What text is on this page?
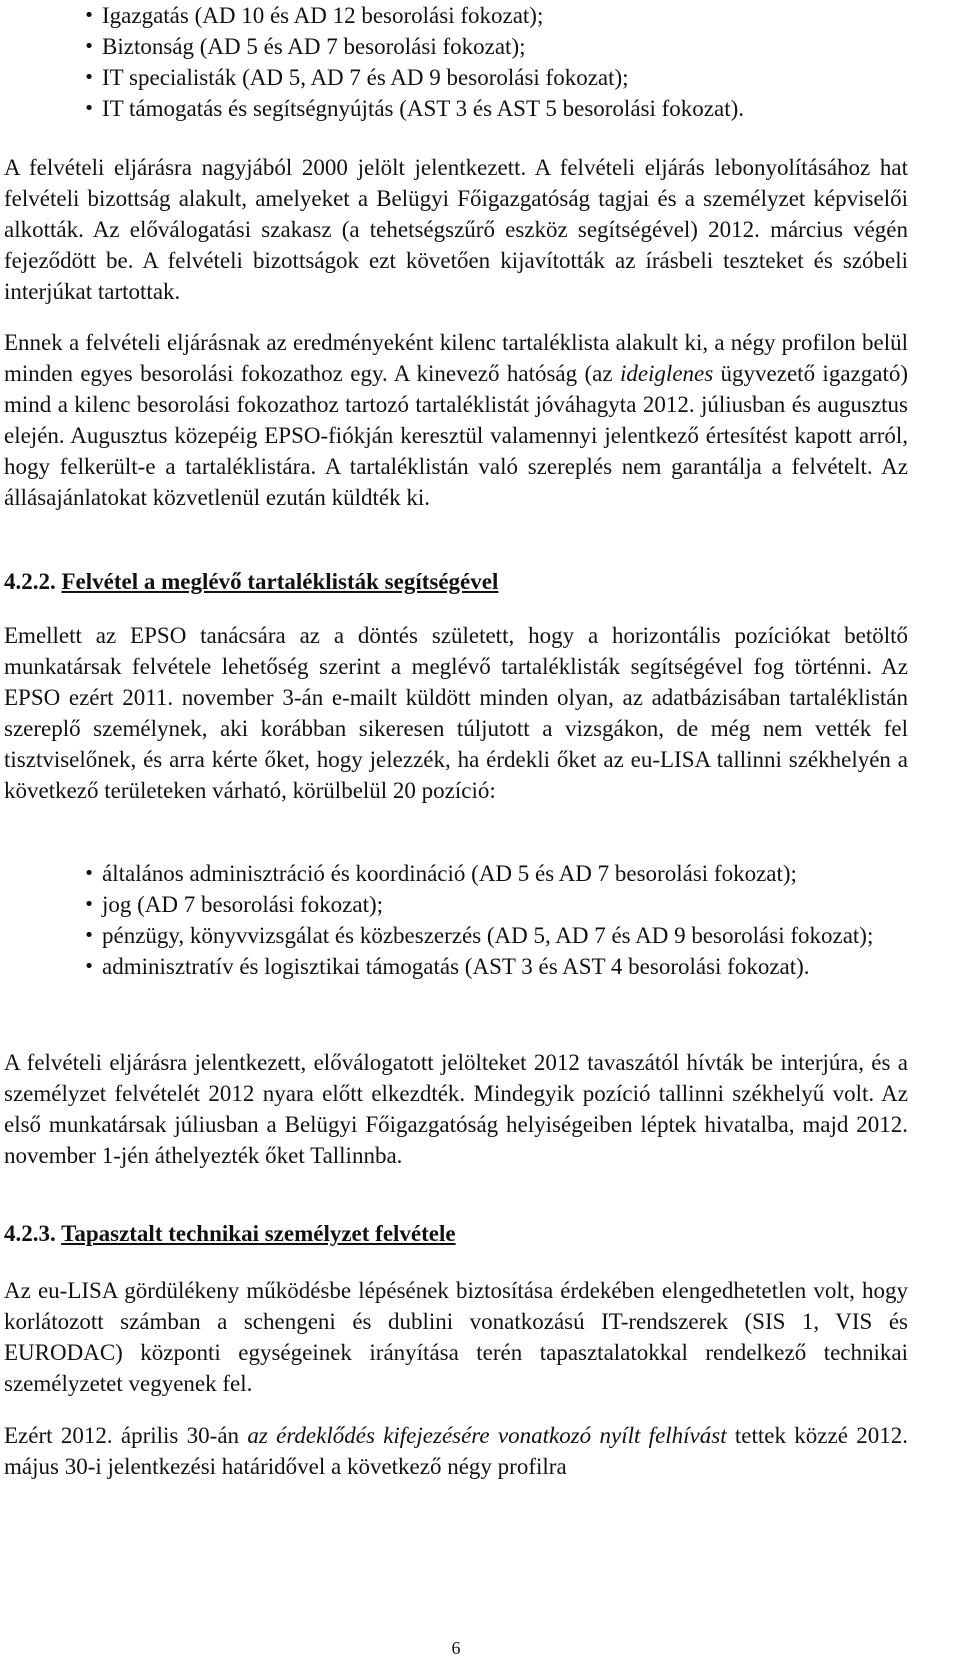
• Igazgatás (AD 10 és AD 12 besorolási fokozat);
• Biztonság (AD 5 és AD 7 besorolási fokozat);
• IT specialisták (AD 5, AD 7 és AD 9 besorolási fokozat);
• IT támogatás és segítségnyújtás (AST 3 és AST 5 besorolási fokozat).

A felvételi eljárásra nagyjából 2000 jelölt jelentkezett. A felvételi eljárás lebonyolításához hat felvételi bizottság alakult, amelyeket a Belügyi Főigazgatóság tagjai és a személyzet képviselői alkották. Az előválogatási szakasz (a tehetségszűrő eszköz segítségével) 2012. március végén fejeződött be. A felvételi bizottságok ezt követően kijavították az írásbeli teszteket és szóbeli interjúkat tartottak.

Ennek a felvételi eljárásnak az eredményeként kilenc tartaléklista alakult ki, a négy profilon belül minden egyes besorolási fokozathoz egy. A kinevező hatóság (az ideiglenes ügyvezető igazgató) mind a kilenc besorolási fokozathoz tartozó tartaléklistát jóváhagyta 2012. júliusban és augusztus elején. Augusztus közepéig EPSO-fiókján keresztül valamennyi jelentkező értesítést kapott arról, hogy felkerült-e a tartaléklistára. A tartaléklistán való szereplés nem garantálja a felvételt. Az állásajánlatokat közvetlenül ezután küldték ki.

4.2.2. Felvétel a meglévő tartaléklisták segítségével

Emellett az EPSO tanácsára az a döntés született, hogy a horizontális pozíciókat betöltő munkatársak felvétele lehetőség szerint a meglévő tartaléklisták segítségével fog történni. Az EPSO ezért 2011. november 3-án e-mailt küldött minden olyan, az adatbázisában tartaléklistán szereplő személynek, aki korábban sikeresen túljutott a vizsgákon, de még nem vették fel tisztviselőnek, és arra kérte őket, hogy jelezzék, ha érdekli őket az eu-LISA tallinni székhelyén a következő területeken várható, körülbelül 20 pozíció:

• általános adminisztráció és koordináció (AD 5 és AD 7 besorolási fokozat);
• jog (AD 7 besorolási fokozat);
• pénzügy, könyvvizsgálat és közbeszerzés (AD 5, AD 7 és AD 9 besorolási fokozat);
• adminisztratív és logisztikai támogatás (AST 3 és AST 4 besorolási fokozat).

A felvételi eljárásra jelentkezett, előválogatott jelölteket 2012 tavaszától hívták be interjúra, és a személyzet felvételét 2012 nyara előtt elkezdték. Mindegyik pozíció tallinni székhelyű volt. Az első munkatársak júliusban a Belügyi Főigazgatóság helyiségeiben léptek hivatalba, majd 2012. november 1-jén áthelyezték őket Tallinnba.

4.2.3. Tapasztalt technikai személyzet felvétele

Az eu-LISA gördülékeny működésbe lépésének biztosítása érdekében elengedhetetlen volt, hogy korlátozott számban a schengeni és dublini vonatkozású IT-rendszerek (SIS 1, VIS és EURODAC) központi egységeinek irányítása terén tapasztalatokkal rendelkező technikai személyzetet vegyenek fel.

Ezért 2012. április 30-án az érdeklődés kifejezésére vonatkozó nyílt felhívást tettek közzé 2012. május 30-i jelentkezési határidővel a következő négy profilra

6
